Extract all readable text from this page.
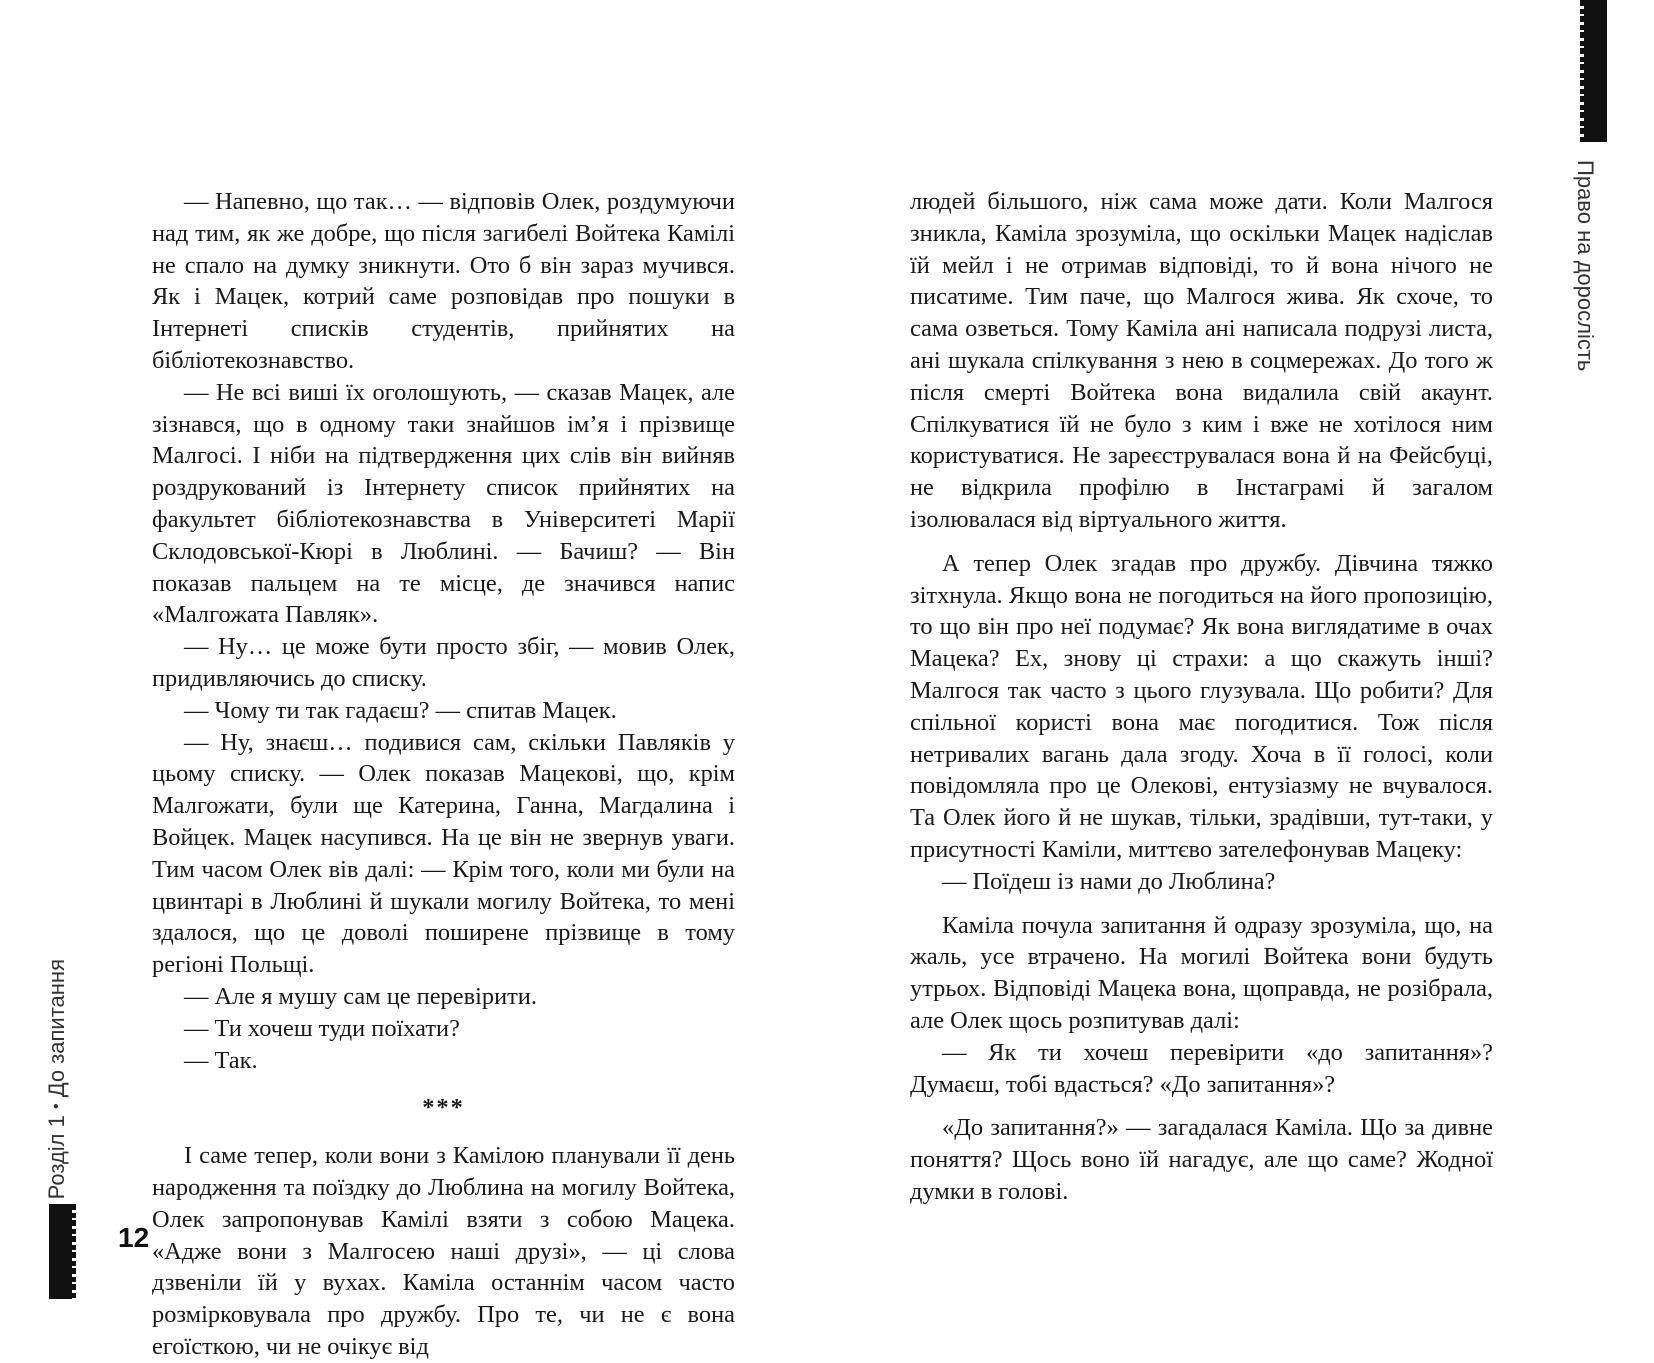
Право на дорослість
Розділ 1 • До запитання
12

— Напевно, що так… — відповів Олек, роздумуючи над тим, як же добре, що після загибелі Войтека Камілі не спало на думку зникнути. Ото б він зараз мучився. Як і Мацек, котрий саме розповідав про пошуки в Інтернеті списків студентів, прийнятих на бібліотекознавство.

— Не всі виші їх оголошують, — сказав Мацек, але зізнався, що в одному таки знайшов ім’я і прізвище Малгосі. І ніби на підтвердження цих слів він вийняв роздрукований із Інтернету список прийнятих на факультет бібліотекознавства в Університеті Марії Склодовської-Кюрі в Люблині. — Бачиш? — Він показав пальцем на те місце, де значився напис «Малгожата Павляк».

— Ну… це може бути просто збіг, — мовив Олек, придивляючись до списку.

— Чому ти так гадаєш? — спитав Мацек.

— Ну, знаєш… подивися сам, скільки Павляків у цьому списку. — Олек показав Мацекові, що, крім Малгожати, були ще Катерина, Ганна, Магдалина і Войцек. Мацек насупився. На це він не звернув уваги. Тим часом Олек вів далі: — Крім того, коли ми були на цвинтарі в Люблині й шукали могилу Войтека, то мені здалося, що це доволі поширене прізвище в тому регіоні Польщі.

— Але я мушу сам це перевірити.

— Ти хочеш туди поїхати?

— Так.

***

І саме тепер, коли вони з Камілою планували її день народження та поїздку до Люблина на могилу Войтека, Олек запропонував Камілі взяти з собою Мацека. «Адже вони з Малгосею наші друзі», — ці слова дзвеніли їй у вухах. Каміла останнім часом часто розмірковувала про дружбу. Про те, чи не є вона егоїсткою, чи не очікує від

людей більшого, ніж сама може дати. Коли Малгося зникла, Каміла зрозуміла, що оскільки Мацек надіслав їй мейл і не отримав відповіді, то й вона нічого не писатиме. Тим паче, що Малгося жива. Як схоче, то сама озветься. Тому Каміла ані написала подрузі листа, ані шукала спілкування з нею в соцмережах. До того ж після смерті Войтека вона видалила свій акаунт. Спілкуватися їй не було з ким і вже не хотілося ним користуватися. Не зареєструвалася вона й на Фейсбуці, не відкрила профілю в Інстаграмі й загалом ізолювалася від віртуального життя.

А тепер Олек згадав про дружбу. Дівчина тяжко зітхнула. Якщо вона не погодиться на його пропозицію, то що він про неї подумає? Як вона виглядатиме в очах Мацека? Ех, знову ці страхи: а що скажуть інші? Малгося так часто з цього глузувала. Що робити? Для спільної користі вона має погодитися. Тож після нетривалих вагань дала згоду. Хоча в її голосі, коли повідомляла про це Олекові, ентузіазму не вчувалося. Та Олек його й не шукав, тільки, зрадівши, тут-таки, у присутності Каміли, миттєво зателефонував Мацеку:

— Поїдеш із нами до Люблина?

Каміла почула запитання й одразу зрозуміла, що, на жаль, усе втрачено. На могилі Войтека вони будуть утрьох. Відповіді Мацека вона, щоправда, не розібрала, але Олек щось розпитував далі:

— Як ти хочеш перевірити «до запитання»? Думаєш, тобі вдасться? «До запитання»?

«До запитання?» — загадалася Каміла. Що за дивне поняття? Щось воно їй нагадує, але що саме? Жодної думки в голові.
